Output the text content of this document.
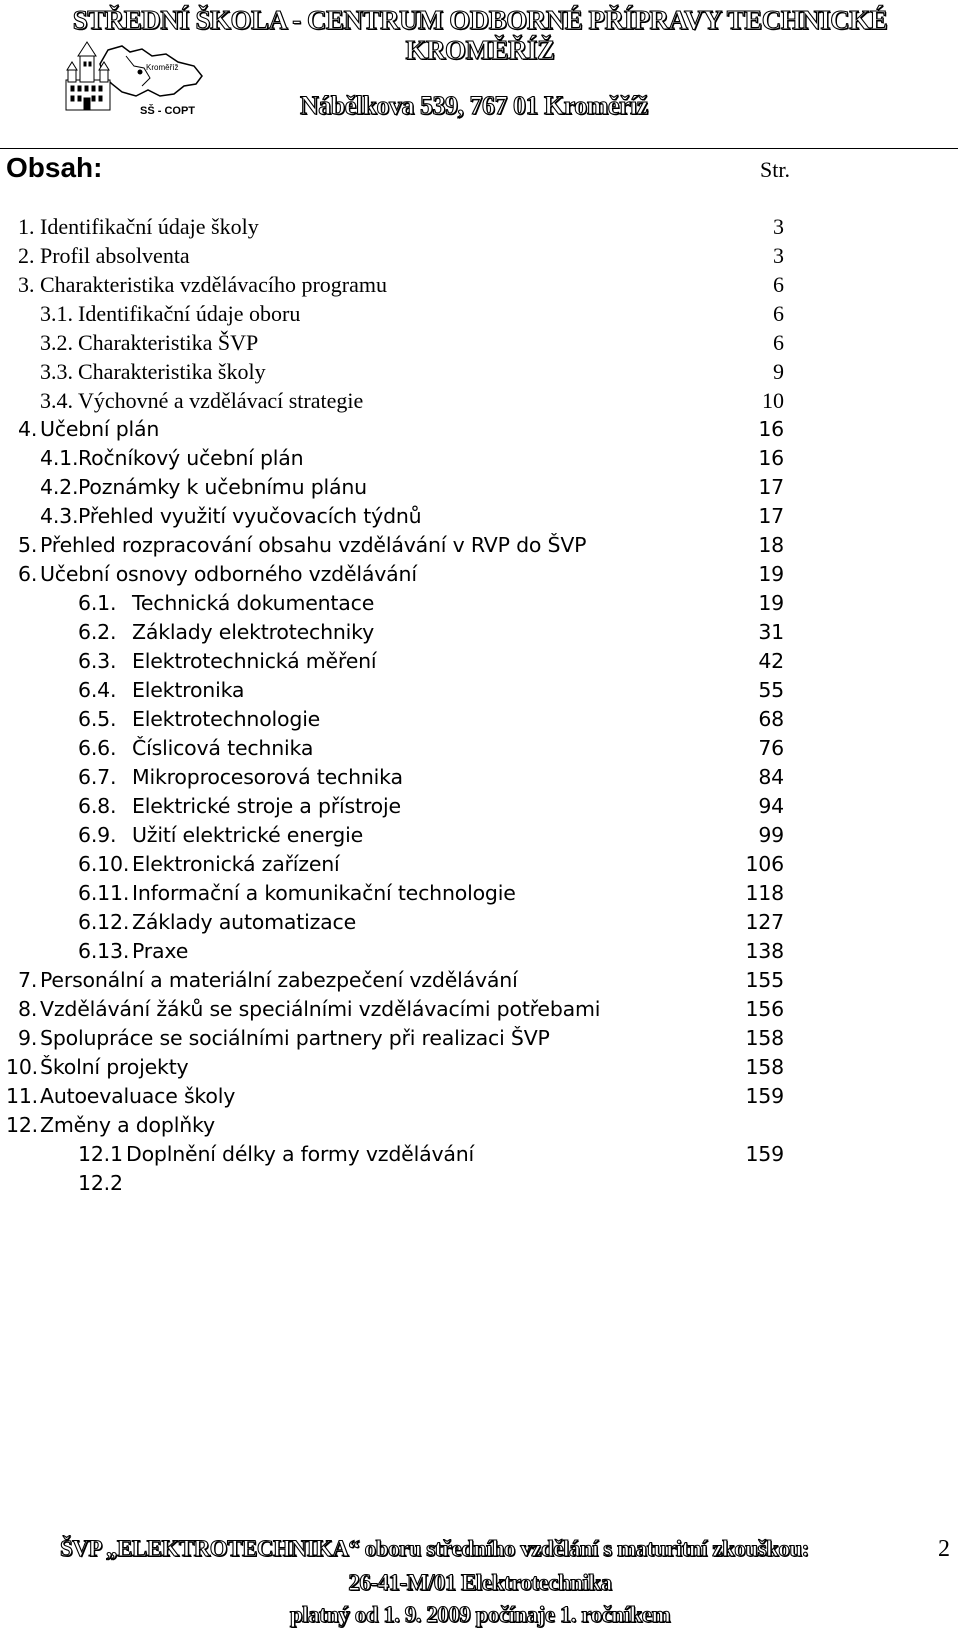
STŘEDNÍ ŠKOLA - CENTRUM ODBORNÉ PŘÍPRAVY TECHNICKÉ
KROMĚŘÍŽ
Nábělkova 539, 767 01 Kroměříž
Kroměříž
SŠ - COPT
Obsah:	Str.
1. Identifikační údaje školy	3
2. Profil absolventa	3
3. Charakteristika vzdělávacího programu	6
3.1. Identifikační údaje oboru	6
3.2. Charakteristika ŠVP	6
3.3. Charakteristika školy	9
3.4. Výchovné a vzdělávací strategie	10
4. Učební plán	16
4.1. Ročníkový učební plán	16
4.2. Poznámky k učebnímu plánu	17
4.3. Přehled využití vyučovacích týdnů	17
5. Přehled rozpracování obsahu vzdělávání v RVP do ŠVP	18
6. Učební osnovy odborného vzdělávání	19
6.1. Technická dokumentace	19
6.2. Základy elektrotechniky	31
6.3. Elektrotechnická měření	42
6.4. Elektronika	55
6.5. Elektrotechnologie	68
6.6. Číslicová technika	76
6.7. Mikroprocesorová technika	84
6.8. Elektrické stroje a přístroje	94
6.9. Užití elektrické energie	99
6.10. Elektronická zařízení	106
6.11. Informační a komunikační technologie	118
6.12. Základy automatizace	127
6.13. Praxe	138
7. Personální a materiální zabezpečení vzdělávání	155
8. Vzdělávání žáků se speciálními vzdělávacími potřebami	156
9. Spolupráce se sociálními partnery při realizaci ŠVP	158
10. Školní projekty	158
11. Autoevaluace školy	159
12. Změny a doplňky
12.1 Doplnění délky a formy vzdělávání	159
12.2
ŠVP „ELEKTROTECHNIKA“ oboru středního vzdělání s maturitní zkouškou:
26-41-M/01 Elektrotechnika
platný od 1. 9. 2009 počínaje 1. ročníkem
2
